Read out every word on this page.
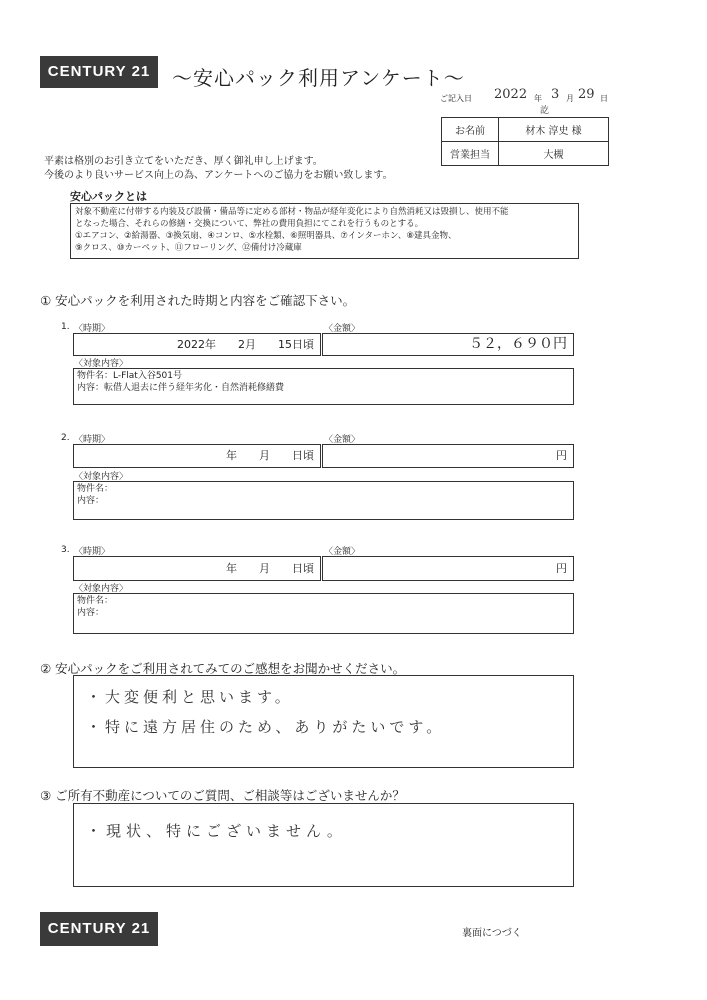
CENTURY 21	〜安心パック利用アンケート〜
ご記入日 2022 年 3 月 29 日
訖
お名前	材木 淳史 様
営業担当	大槻
平素は格別のお引き立てをいただき、厚く御礼申し上げます。
今後のより良いサービス向上の為、アンケートへのご協力をお願い致します。
安心パックとは
対象不動産に付帯する内装及び設備・備品等に定める部材・物品が経年変化により自然消耗又は毀損し、使用不能
となった場合、それらの修繕・交換について、弊社の費用負担にてこれを行うものとする。
①エアコン、②給湯器、③換気扇、④コンロ、⑤水栓類、⑥照明器具、⑦インターホン、⑧建具金物、
⑨クロス、⑩カーペット、⑪フローリング、⑫備付け冷蔵庫
① 安心パックを利用された時期と内容をご確認下さい。
1. 〈時期〉
2022年　　2月　　15日頃
〈金額〉
５２，６９０円
〈対象内容〉
物件名：L-Flat入谷501号
内容：転借人退去に伴う経年劣化・自然消耗修繕費
2. 〈時期〉
年　　月　　日頃
〈金額〉
円
〈対象内容〉
物件名：
内容：
3. 〈時期〉
年　　月　　日頃
〈金額〉
円
〈対象内容〉
物件名：
内容：
② 安心パックをご利用されてみてのご感想をお聞かせください。
・大変便利と思います。
・特に遠方居住のため、ありがたいです。
③ ご所有不動産についてのご質問、ご相談等はございませんか？
・現状、特にございません。
CENTURY 21	裏面につづく
